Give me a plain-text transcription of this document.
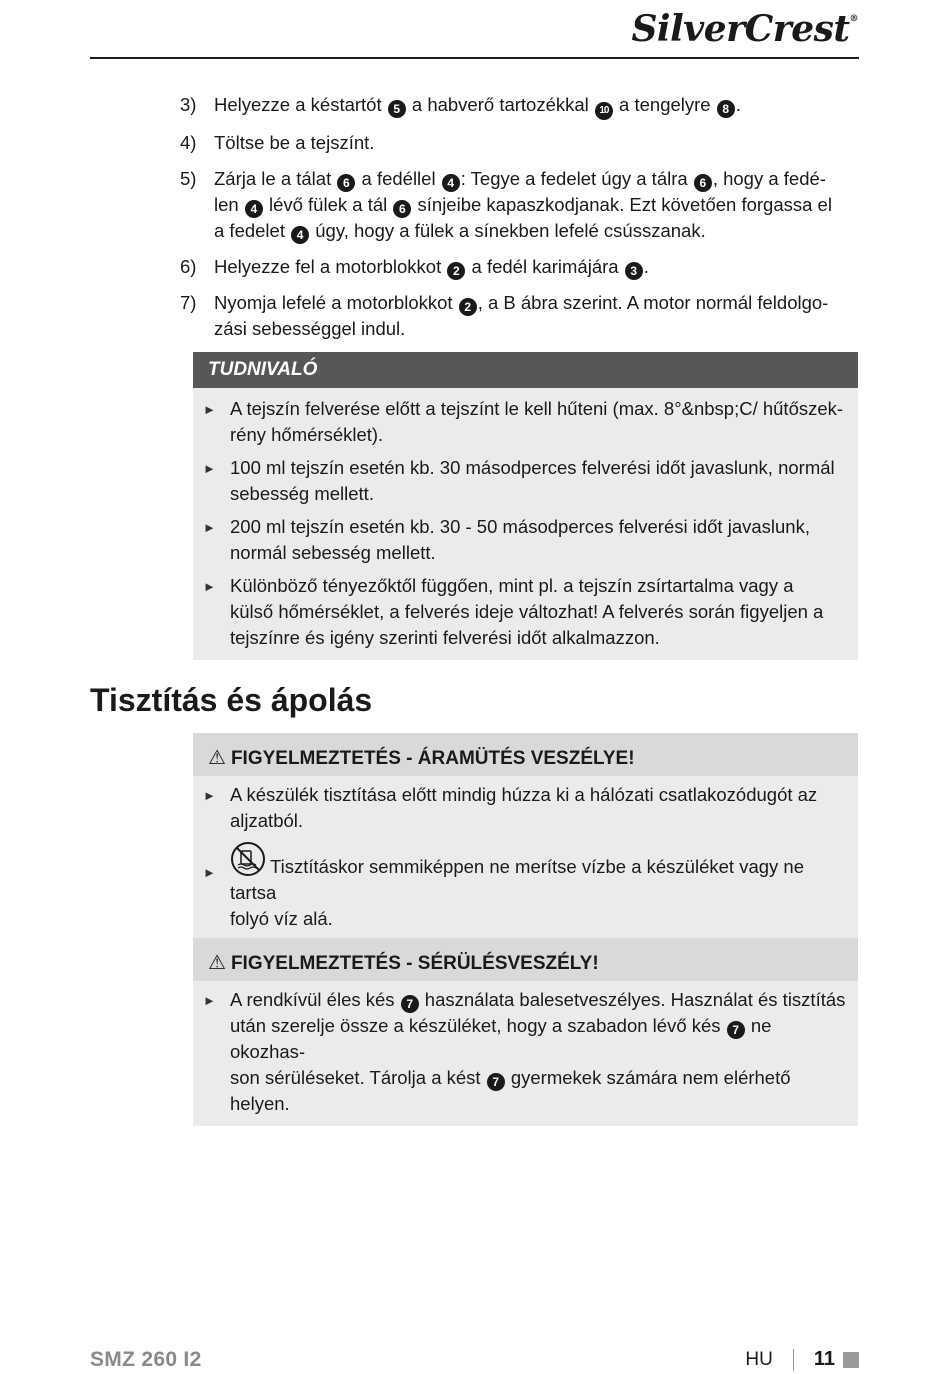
SilverCrest®
3) Helyezze a késtartót 5 a habverő tartozékkal 10 a tengelyre 8 .
4) Töltse be a tejszínt.
5) Zárja le a tálat 6 a fedéllel 4 : Tegye a fedelet úgy a tálra 6 , hogy a fedé-
len 4 lévő fülek a tál 6 sínjeibe kapaszkodjanak. Ezt követően forgassa el
a fedelet 4 úgy, hogy a fülek a sínekben lefelé csússzanak.
6) Helyezze fel a motorblokkot 2 a fedél karimájára 3 .
7) Nyomja lefelé a motorblokkot 2 , a B ábra szerint. A motor normál feldolgo-
zási sebességgel indul.
TUDNIVALÓ
► A tejszín felverése előtt a tejszínt le kell hűteni (max. 8°&nbsp;C/ hűtőszek-
rény hőmérséklet).
► 100 ml tejszín esetén kb. 30 másodperces felverési időt javaslunk, normál
sebesség mellett.
► 200 ml tejszín esetén kb. 30 - 50 másodperces felverési időt javaslunk,
normál sebesség mellett.
► Különböző tényezőktől függően, mint pl. a tejszín zsírtartalma vagy a
külső hőmérséklet, a felverés ideje változhat! A felverés során figyeljen a
tejszínre és igény szerinti felverési időt alkalmazzon.
Tisztítás és ápolás
⚠ FIGYELMEZTETÉS - ÁRAMÜTÉS VESZÉLYE!
► A készülék tisztítása előtt mindig húzza ki a hálózati csatlakozódugót az
aljzatból.
►	Tisztításkor semmiképpen ne merítse vízbe a készüléket vagy ne tartsa
folyó víz alá.
⚠ FIGYELMEZTETÉS - SÉRÜLÉSVESZÉLY!
► A rendkívül éles kés 7 használata balesetveszélyes. Használat és tisztítás
után szerelje össze a készüléket, hogy a szabadon lévő kés 7 ne okozhas-
son sérüléseket. Tárolja a kést 7 gyermekek számára nem elérhető helyen.
SMZ 260 I2	HU 11
